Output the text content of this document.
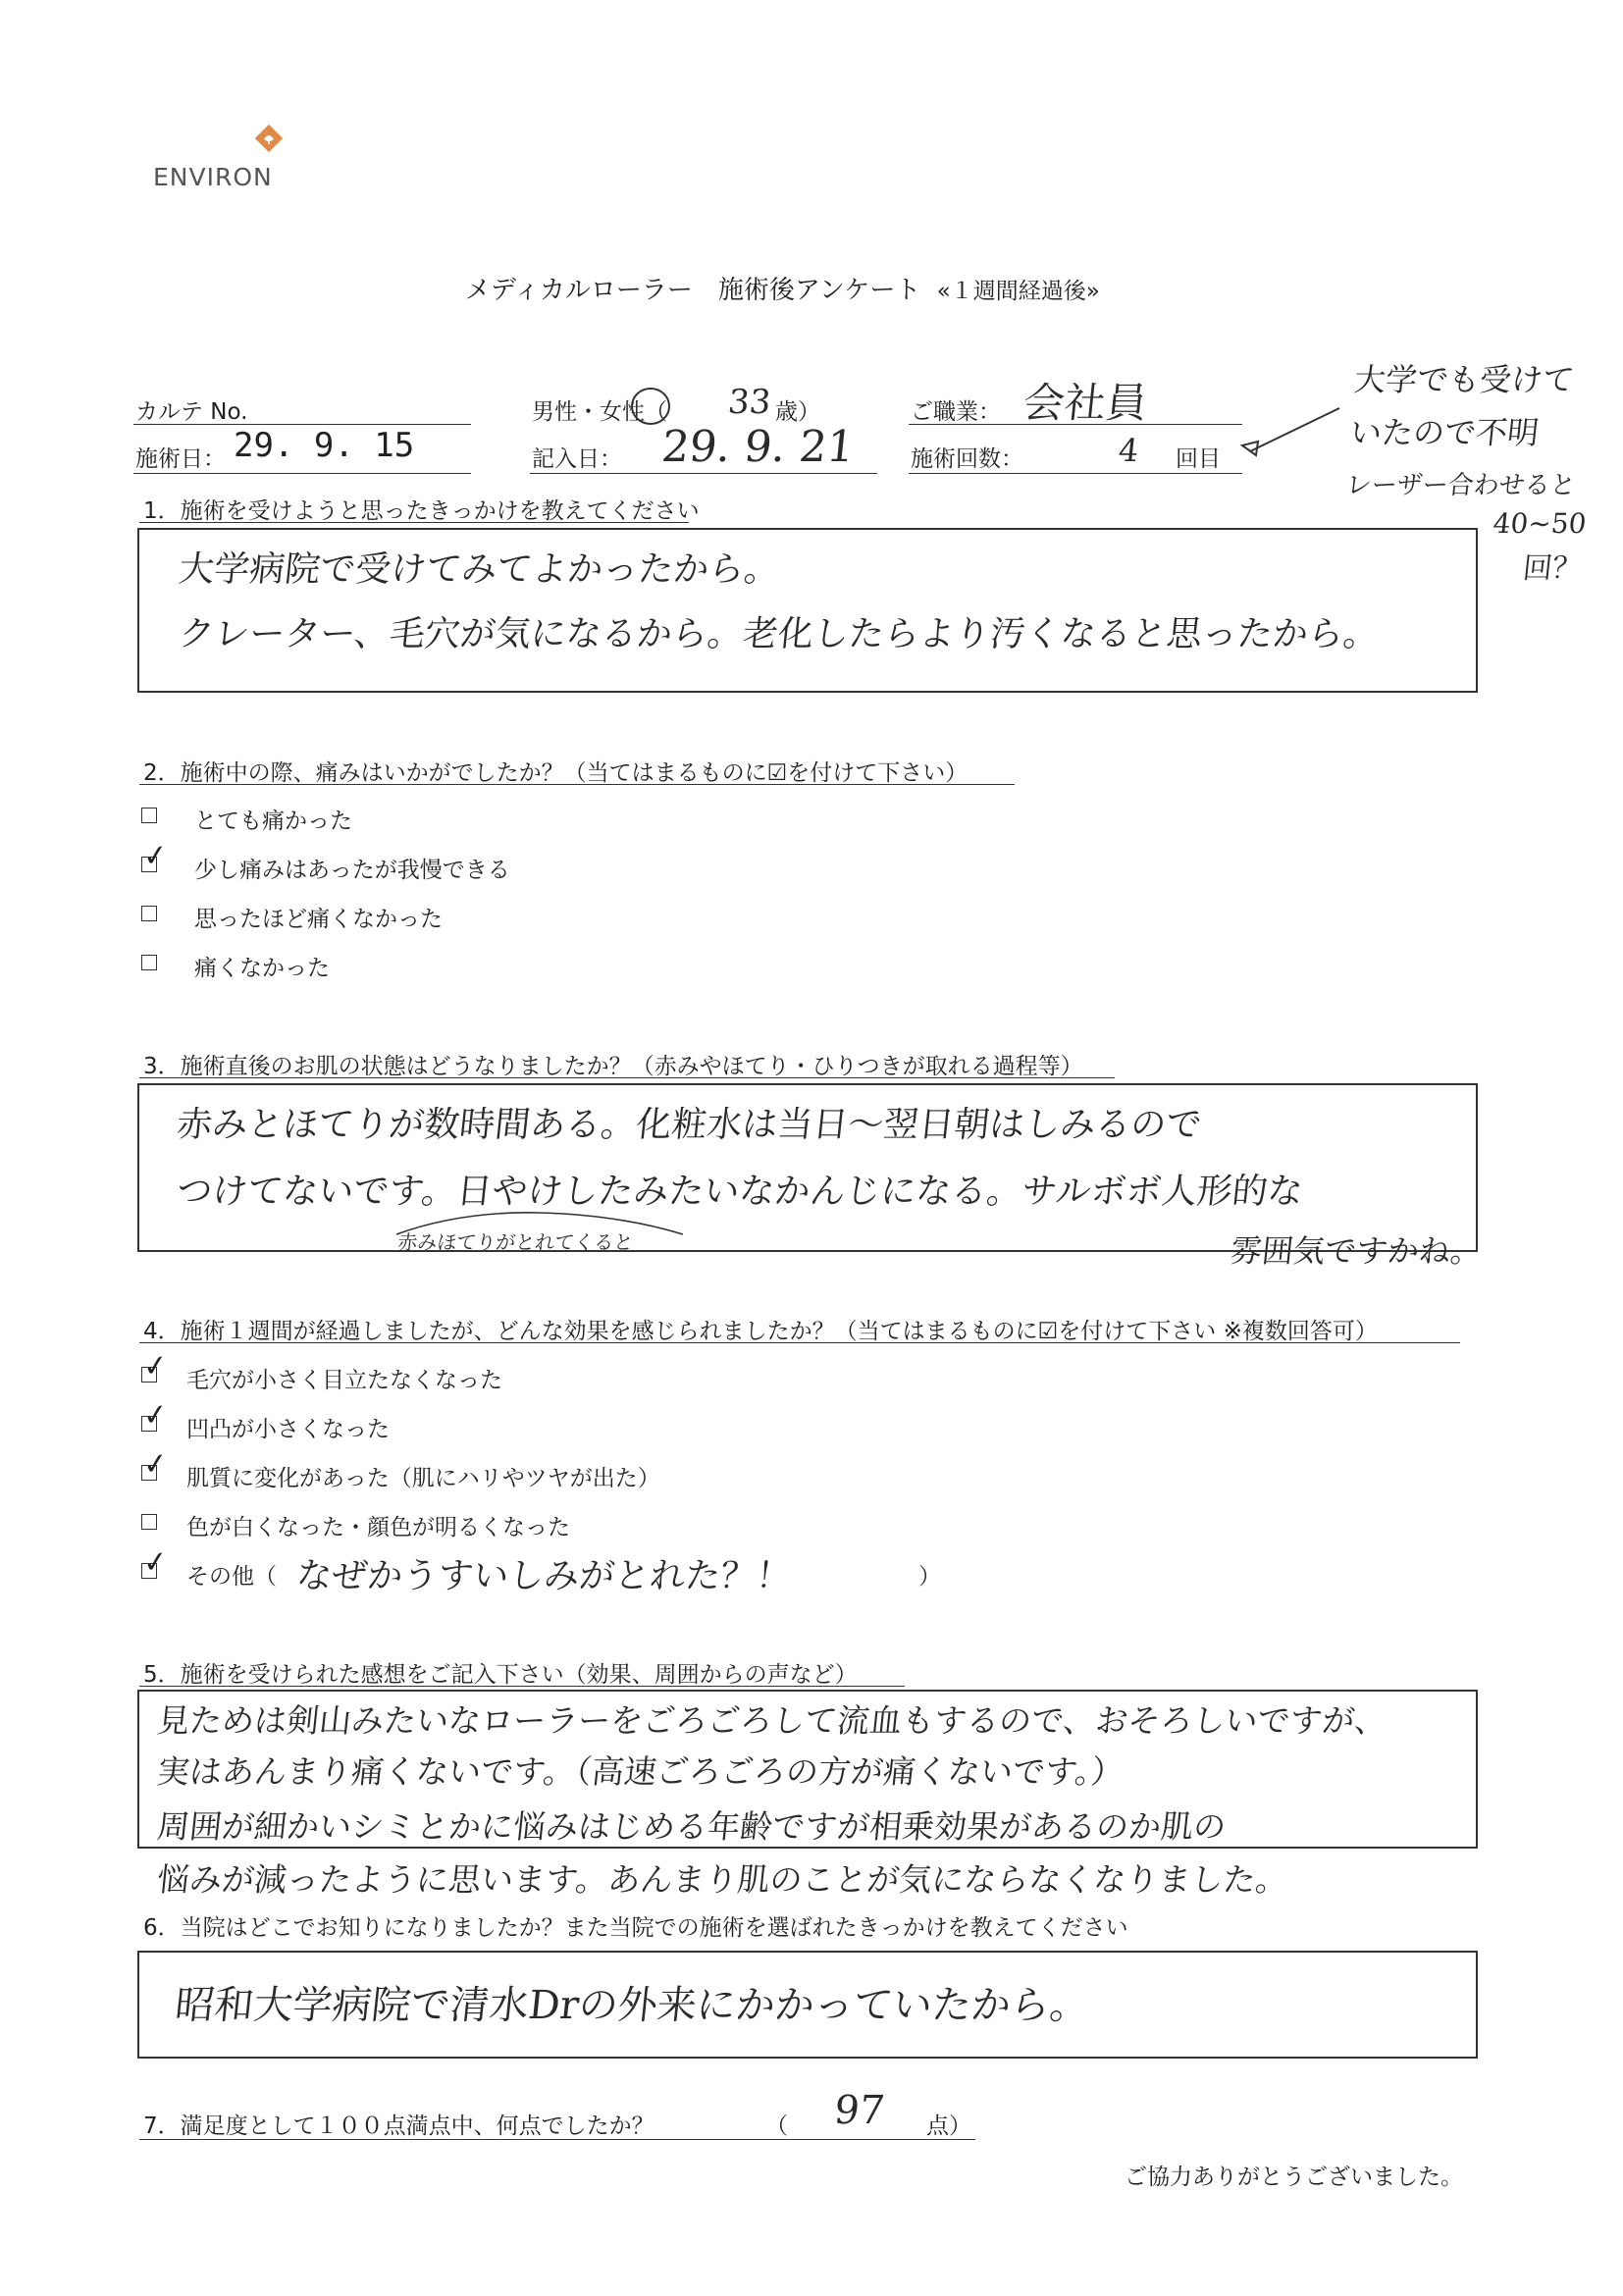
ENVIRON
メディカルローラー　施術後アンケート «１週間経過後»
カルテ No.
施術日： 29. 9. 15
男性・女性（ 33 歳）
記入日： 29. 9. 21
ご職業： 会社員
施術回数：	4 回目
大学でも受けて
いたので不明
レーザー合わせると
40~50
回？
1．施術を受けようと思ったきっかけを教えてください
大学病院で受けてみてよかったから。
クレーター、毛穴が気になるから。老化したらより汚くなると思ったから。
2．施術中の際、痛みはいかがでしたか？（当てはまるものに☑を付けて下さい）
とても痛かった
✓ 少し痛みはあったが我慢できる
思ったほど痛くなかった
痛くなかった
3．施術直後のお肌の状態はどうなりましたか？（赤みやほてり・ひりつきが取れる過程等）
赤みとほてりが数時間ある。化粧水は当日～翌日朝はしみるので
つけてないです。日やけしたみたいなかんじになる。サルボボ人形的な
雰囲気ですかね。
赤みほてりがとれてくると
4．施術１週間が経過しましたが、どんな効果を感じられましたか？（当てはまるものに☑を付けて下さい ※複数回答可）
✓ 毛穴が小さく目立たなくなった
✓ 凹凸が小さくなった
✓ 肌質に変化があった（肌にハリやツヤが出た）
色が白くなった・顔色が明るくなった
✓ その他（ なぜかうすいしみがとれた？！	）
5．施術を受けられた感想をご記入下さい（効果、周囲からの声など）
見ためは剣山みたいなローラーをごろごろして流血もするので、おそろしいですが、
実はあんまり痛くないです。（高速ごろごろの方が痛くないです。）
周囲が細かいシミとかに悩みはじめる年齢ですが相乗効果があるのか肌の
悩みが減ったように思います。あんまり肌のことが気にならなくなりました。
6．当院はどこでお知りになりましたか？また当院での施術を選ばれたきっかけを教えてください
昭和大学病院で清水Drの外来にかかっていたから。
7．満足度として１００点満点中、何点でしたか？	（ 97 点）
ご協力ありがとうございました。
